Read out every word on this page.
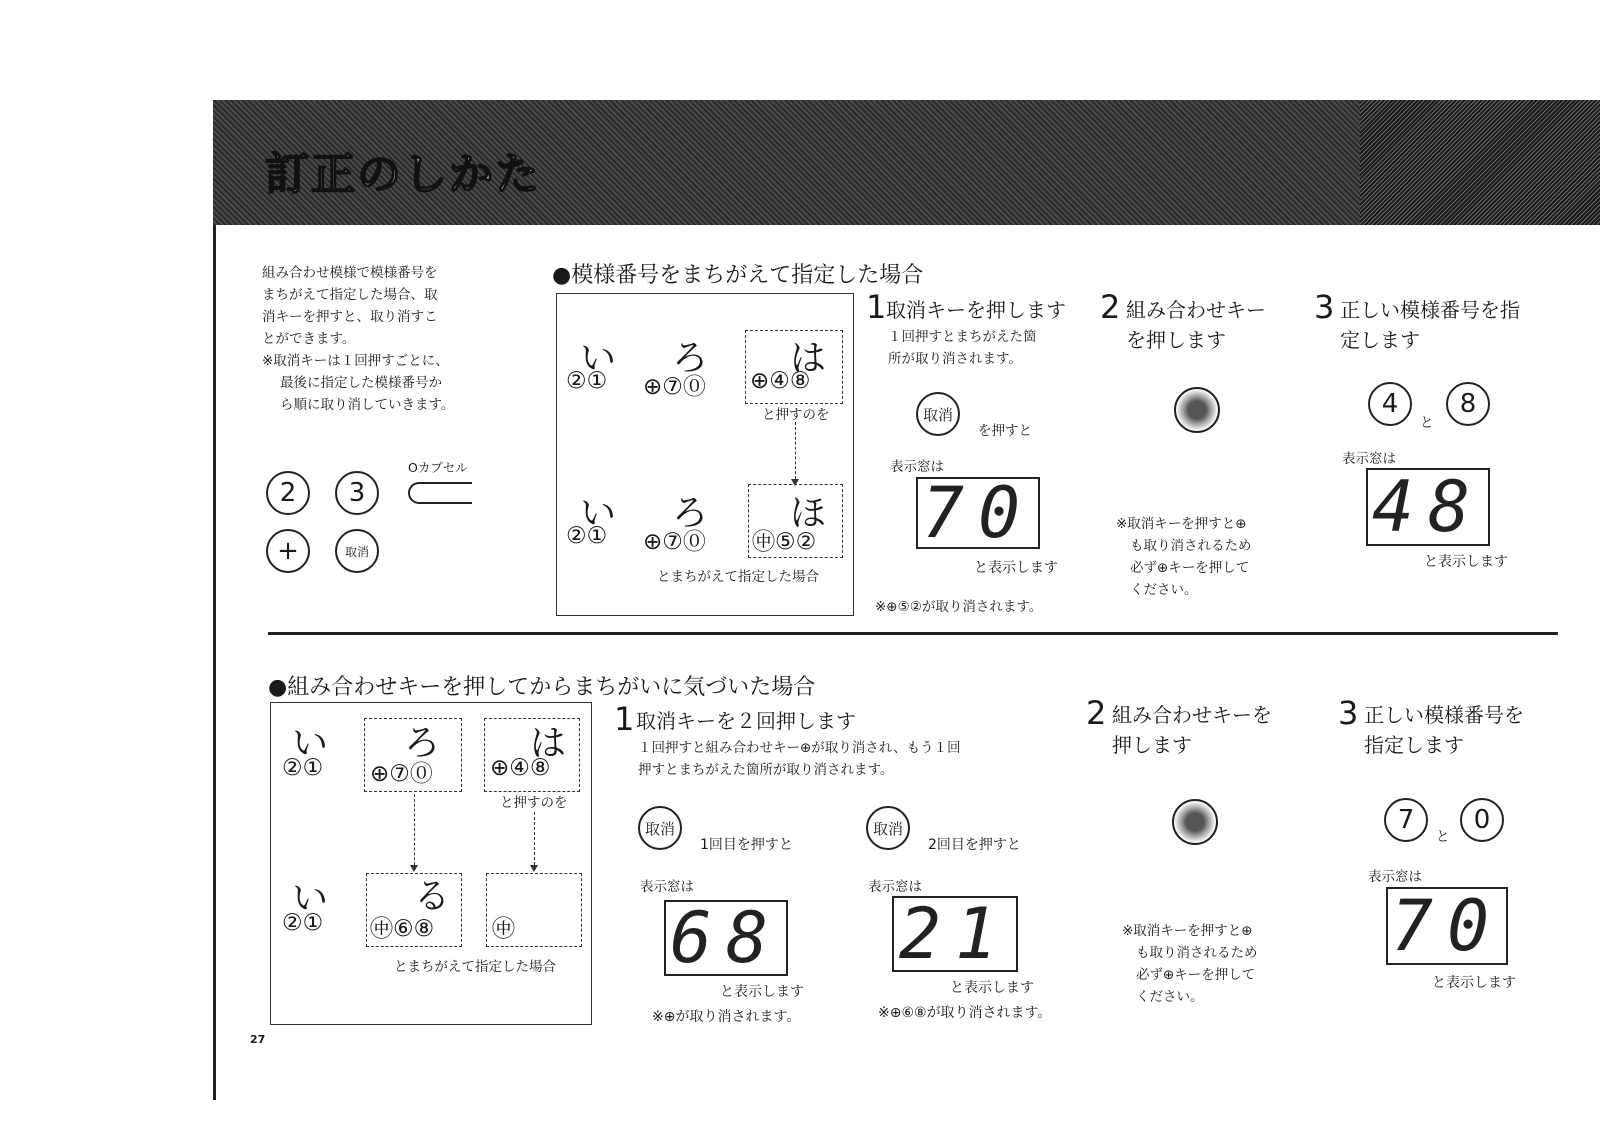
訂正のしかた
組み合わせ模様で模様番号を
まちがえて指定した場合、取
消キーを押すと、取り消すこ
とができます。
※取消キーは１回押すごとに、
最後に指定した模様番号か
ら順に取り消していきます。
2	3
Oカプセル
+	取消
●模様番号をまちがえて指定した場合
い ろ は
②① ⊕⑦⓪ ⊕④⑧
と押すのを
い ろ ほ
②① ⊕⑦⓪ ㊥⑤②
とまちがえて指定した場合
1 取消キーを押します
１回押すとまちがえた箇
所が取り消されます。
取消
を押すと
表示窓は
70
と表示します
※⊕⑤②が取り消されます。
2 組み合わせキー
を押します
※取消キーを押すと⊕
も取り消されるため
必ず⊕キーを押して
ください。
3 正しい模様番号を指
定します
4
と
8
表示窓は
48
と表示します
●組み合わせキーを押してからまちがいに気づいた場合
い ろ は
②① ⊕⑦⓪ ⊕④⑧
と押すのを
い る
②① ㊥⑥⑧	㊥
とまちがえて指定した場合
1 取消キーを２回押します
１回押すと組み合わせキー⊕が取り消され、もう１回
押すとまちがえた箇所が取り消されます。
取消
1回目を押すと
表示窓は
68
と表示します
※⊕が取り消されます。
取消
2回目を押すと
表示窓は
21
と表示します
※⊕⑥⑧が取り消されます。
2 組み合わせキーを
押します
※取消キーを押すと⊕
も取り消されるため
必ず⊕キーを押して
ください。
3 正しい模様番号を
指定します
7
と
0
表示窓は
70
と表示します
27
